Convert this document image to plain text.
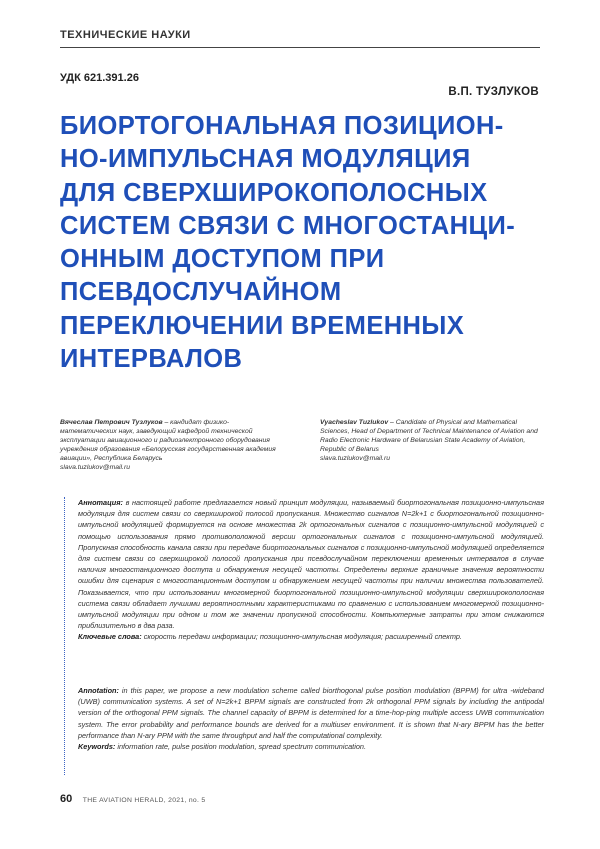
ТЕХНИЧЕСКИЕ НАУКИ
УДК 621.391.26
В.П. ТУЗЛУКОВ
БИОРТОГОНАЛЬНАЯ ПОЗИЦИОН-
НО-ИМПУЛЬСНАЯ МОДУЛЯЦИЯ
ДЛЯ СВЕРХШИРОКОПОЛОСНЫХ
СИСТЕМ СВЯЗИ С МНОГОСТАНЦИ-
ОННЫМ ДОСТУПОМ ПРИ
ПСЕВДОСЛУЧАЙНОМ
ПЕРЕКЛЮЧЕНИИ ВРЕМЕННЫХ
ИНТЕРВАЛОВ
Вячеслав Петрович Тузлуков – кандидат физико-математических наук, заведующий кафедрой технической эксплуатации авиационного и радиоэлектронного оборудования учреждения образования «Белорусская государственная академия авиации», Республика Беларусь
slava.tuzlukov@mail.ru
Vyacheslav Tuzlukov – Candidate of Physical and Mathematical Sciences, Head of Department of Technical Maintenance of Aviation and Radio Electronic Hardware of Belarusian State Academy of Aviation, Republic of Belarus
slava.tuzlukov@mail.ru
Аннотация: в настоящей работе предлагается новый принцип модуляции, называемый биортогональная позиционно-импульсная модуляция для систем связи со сверхширокой полосой пропускания. Множество сигналов N=2k+1 с биортогональной позиционно-импульсной модуляцией формируется на основе множества 2k ортогональных сигналов с позиционно-импульсной модуляцией с помощью использования прямо противоположной версии ортогональных сигналов с позиционно-импульсной модуляцией. Пропускная способность канала связи при передаче биортогональных сигналов с позиционно-импульсной модуляцией определяется для систем связи со сверхширокой полосой пропускания при псевдослучайном переключении временных интервалов в случае наличия многостанционного доступа и обнаружения несущей частоты. Определены верхние граничные значения вероятности ошибки для сценария с многостанционным доступом и обнаружением несущей частоты при наличии множества пользователей. Показывается, что при использовании многомерной биортогональной позиционно-импульсной модуляции сверхширокополосная система связи обладает лучшими вероятностными характеристиками по сравнению с использованием многомерной позиционно-импульсной модуляции при одном и том же значении пропускной способности. Компьютерные затраты при этом снижаются приблизительно в два раза.
Ключевые слова: скорость передачи информации; позиционно-импульсная модуляция; расширенный спектр.
Annotation: in this paper, we propose a new modulation scheme called biorthogonal pulse position modulation (BPPM) for ultra -wideband (UWB) communication systems. A set of N=2k+1 BPPM signals are constructed from 2k orthogonal PPM signals by including the antipodal version of the orthogonal PPM signals. The channel capacity of BPPM is determined for a time-hop-ping multiple access UWB communication system. The error probability and performance bounds are derived for a multiuser environment. It is shown that N-ary BPPM has the better performance than N-ary PPM with the same throughput and half the computational complexity.
Keywords: information rate, pulse position modulation, spread spectrum communication.
60 THE AVIATION HERALD, 2021, no. 5
